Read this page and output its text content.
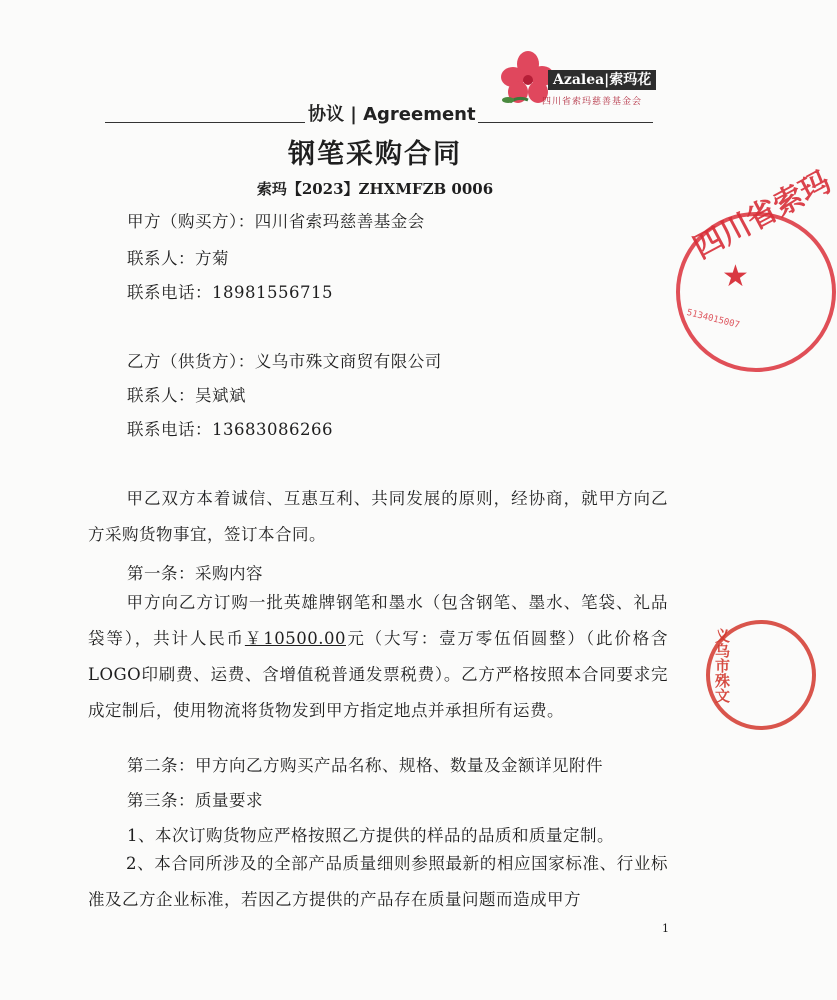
Azalea|索玛花
四川省索玛慈善基金会
协议 | Agreement
钢笔采购合同
索玛【2023】ZHXMFZB 0006
甲方（购买方）：四川省索玛慈善基金会
联系人：方菊
联系电话：18981556715
乙方（供货方）：义乌市殊文商贸有限公司
联系人：吴斌斌
联系电话：13683086266
甲乙双方本着诚信、互惠互利、共同发展的原则，经协商，就甲方向乙方采购货物事宜，签订本合同。
第一条：采购内容
甲方向乙方订购一批英雄牌钢笔和墨水（包含钢笔、墨水、笔袋、礼品袋等），共计人民币￥10500.00元（大写：壹万零伍佰圆整）（此价格含LOGO印刷费、运费、含增值税普通发票税费）。乙方严格按照本合同要求完成定制后，使用物流将货物发到甲方指定地点并承担所有运费。
第二条：甲方向乙方购买产品名称、规格、数量及金额详见附件
第三条：质量要求
1、本次订购货物应严格按照乙方提供的样品的品质和质量定制。
2、本合同所涉及的全部产品质量细则参照最新的相应国家标准、行业标准及乙方企业标准，若因乙方提供的产品存在质量问题而造成甲方
1
四川省索玛
★
5134015007
义乌市殊文
